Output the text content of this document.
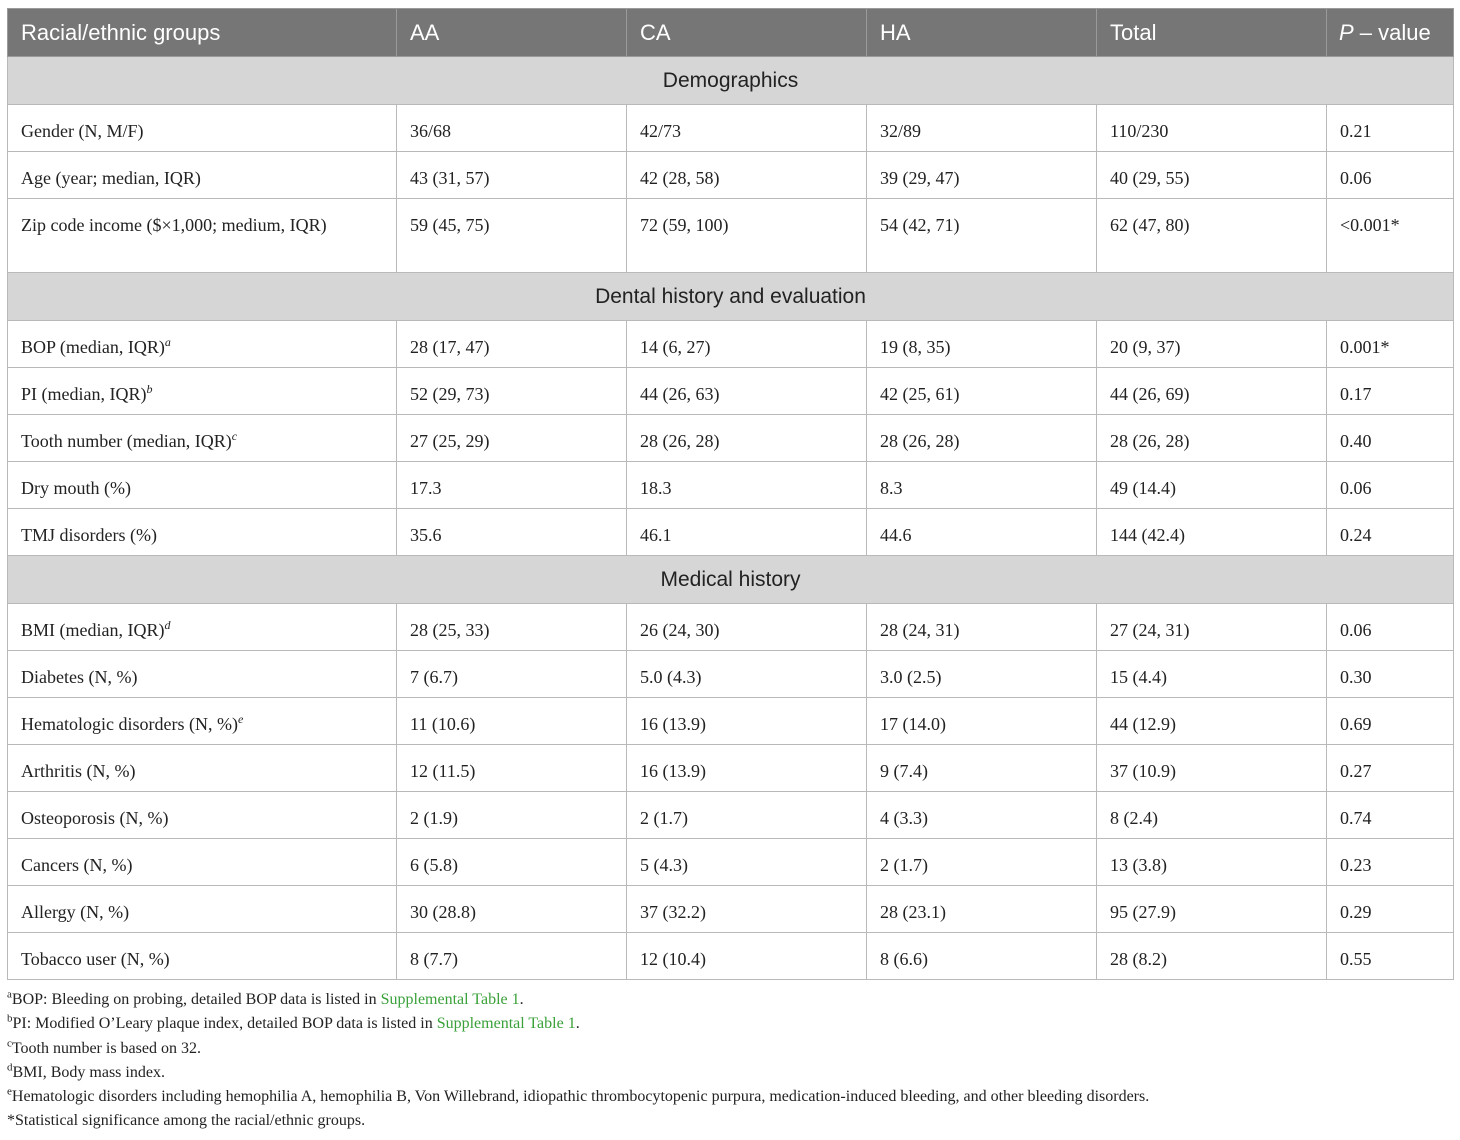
Racial/ethnic groups	AA	CA	HA	Total	P – value
Demographics					
Gender (N, M/F)	36/68	42/73	32/89	110/230	0.21
Age (year; median, IQR)	43 (31, 57)	42 (28, 58)	39 (29, 47)	40 (29, 55)	0.06
Zip code income ($×1,000; medium, IQR)	59 (45, 75)	72 (59, 100)	54 (42, 71)	62 (47, 80)	<0.001*
Dental history and evaluation					
BOP (median, IQR)$^a$	28 (17, 47)	14 (6, 27)	19 (8, 35)	20 (9, 37)	0.001*
PI (median, IQR)$^b$	52 (29, 73)	44 (26, 63)	42 (25, 61)	44 (26, 69)	0.17
Tooth number (median, IQR)$^c$	27 (25, 29)	28 (26, 28)	28 (26, 28)	28 (26, 28)	0.40
Dry mouth (%)	17.3	18.3	8.3	49 (14.4)	0.06
TMJ disorders (%)	35.6	46.1	44.6	144 (42.4)	0.24
Medical history					
BMI (median, IQR)$^d$	28 (25, 33)	26 (24, 30)	28 (24, 31)	27 (24, 31)	0.06
Diabetes (N, %)	7 (6.7)	5.0 (4.3)	3.0 (2.5)	15 (4.4)	0.30
Hematologic disorders (N, %)$^e$	11 (10.6)	16 (13.9)	17 (14.0)	44 (12.9)	0.69
Arthritis (N, %)	12 (11.5)	16 (13.9)	9 (7.4)	37 (10.9)	0.27
Osteoporosis (N, %)	2 (1.9)	2 (1.7)	4 (3.3)	8 (2.4)	0.74
Cancers (N, %)	6 (5.8)	5 (4.3)	2 (1.7)	13 (3.8)	0.23
Allergy (N, %)	30 (28.8)	37 (32.2)	28 (23.1)	95 (27.9)	0.29
Tobacco user (N, %)	8 (7.7)	12 (10.4)	8 (6.6)	28 (8.2)	0.55
$^a$BOP: Bleeding on probing, detailed BOP data is listed in Supplemental Table 1.
$^b$PI: Modified O’Leary plaque index, detailed BOP data is listed in Supplemental Table 1.
$^c$Tooth number is based on 32.
$^d$BMI, Body mass index.
$^e$Hematologic disorders including hemophilia A, hemophilia B, Von Willebrand, idiopathic thrombocytopenic purpura, medication-induced bleeding, and other bleeding disorders.
*Statistical significance among the racial/ethnic groups.
